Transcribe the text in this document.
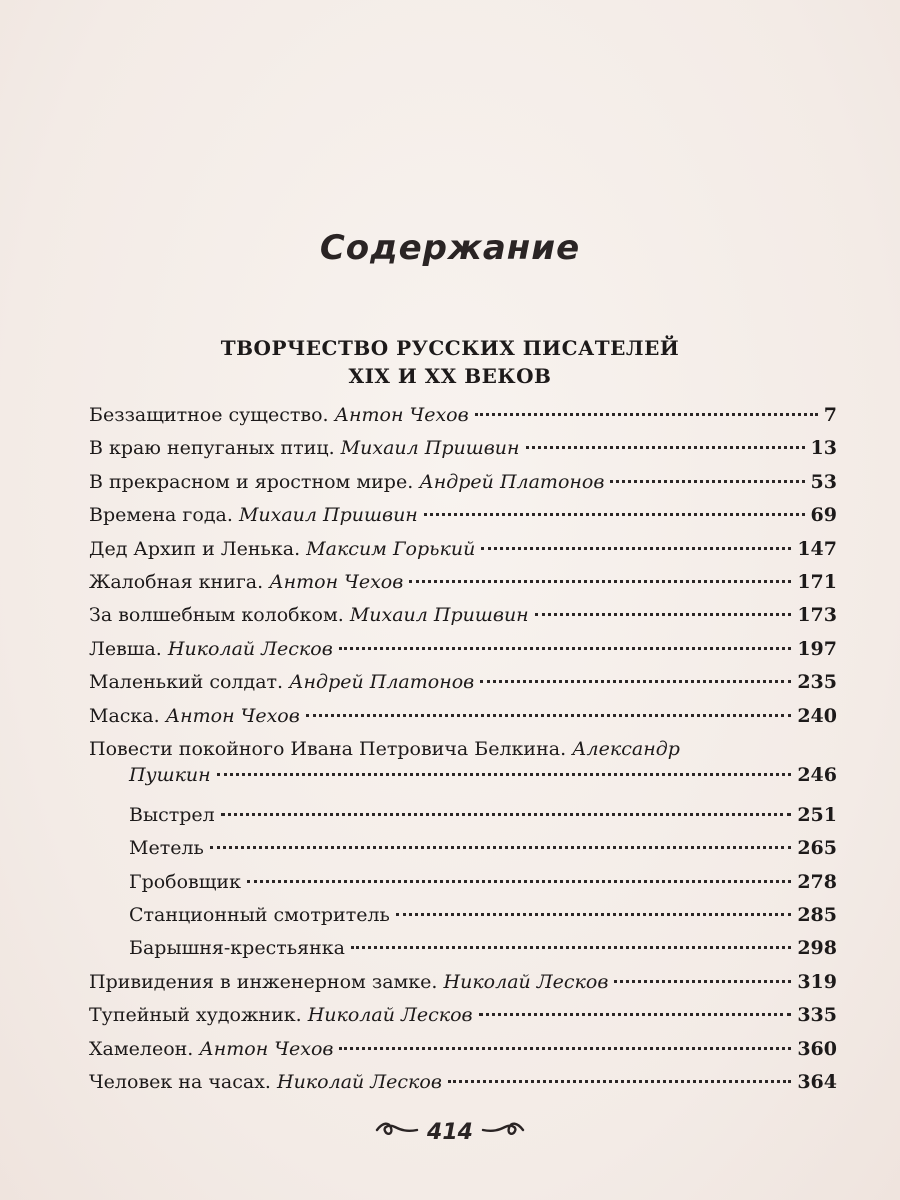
Содержание
ТВОРЧЕСТВО РУССКИХ ПИСАТЕЛЕЙ
XIX И XX ВЕКОВ
Беззащитное существо. Антон Чехов	7
В краю непуганых птиц. Михаил Пришвин	13
В прекрасном и яростном мире. Андрей Платонов	53
Времена года. Михаил Пришвин	69
Дед Архип и Ленька. Максим Горький	147
Жалобная книга. Антон Чехов	171
За волшебным колобком. Михаил Пришвин	173
Левша. Николай Лесков	197
Маленький солдат. Андрей Платонов	235
Маска. Антон Чехов	240
Повести покойного Ивана Петровича Белкина. Александр
Пушкин	246
Выстрел	251
Метель	265
Гробовщик	278
Станционный смотритель	285
Барышня-крестьянка	298
Привидения в инженерном замке. Николай Лесков	319
Тупейный художник. Николай Лесков	335
Хамелеон. Антон Чехов	360
Человек на часах. Николай Лесков	364
414
